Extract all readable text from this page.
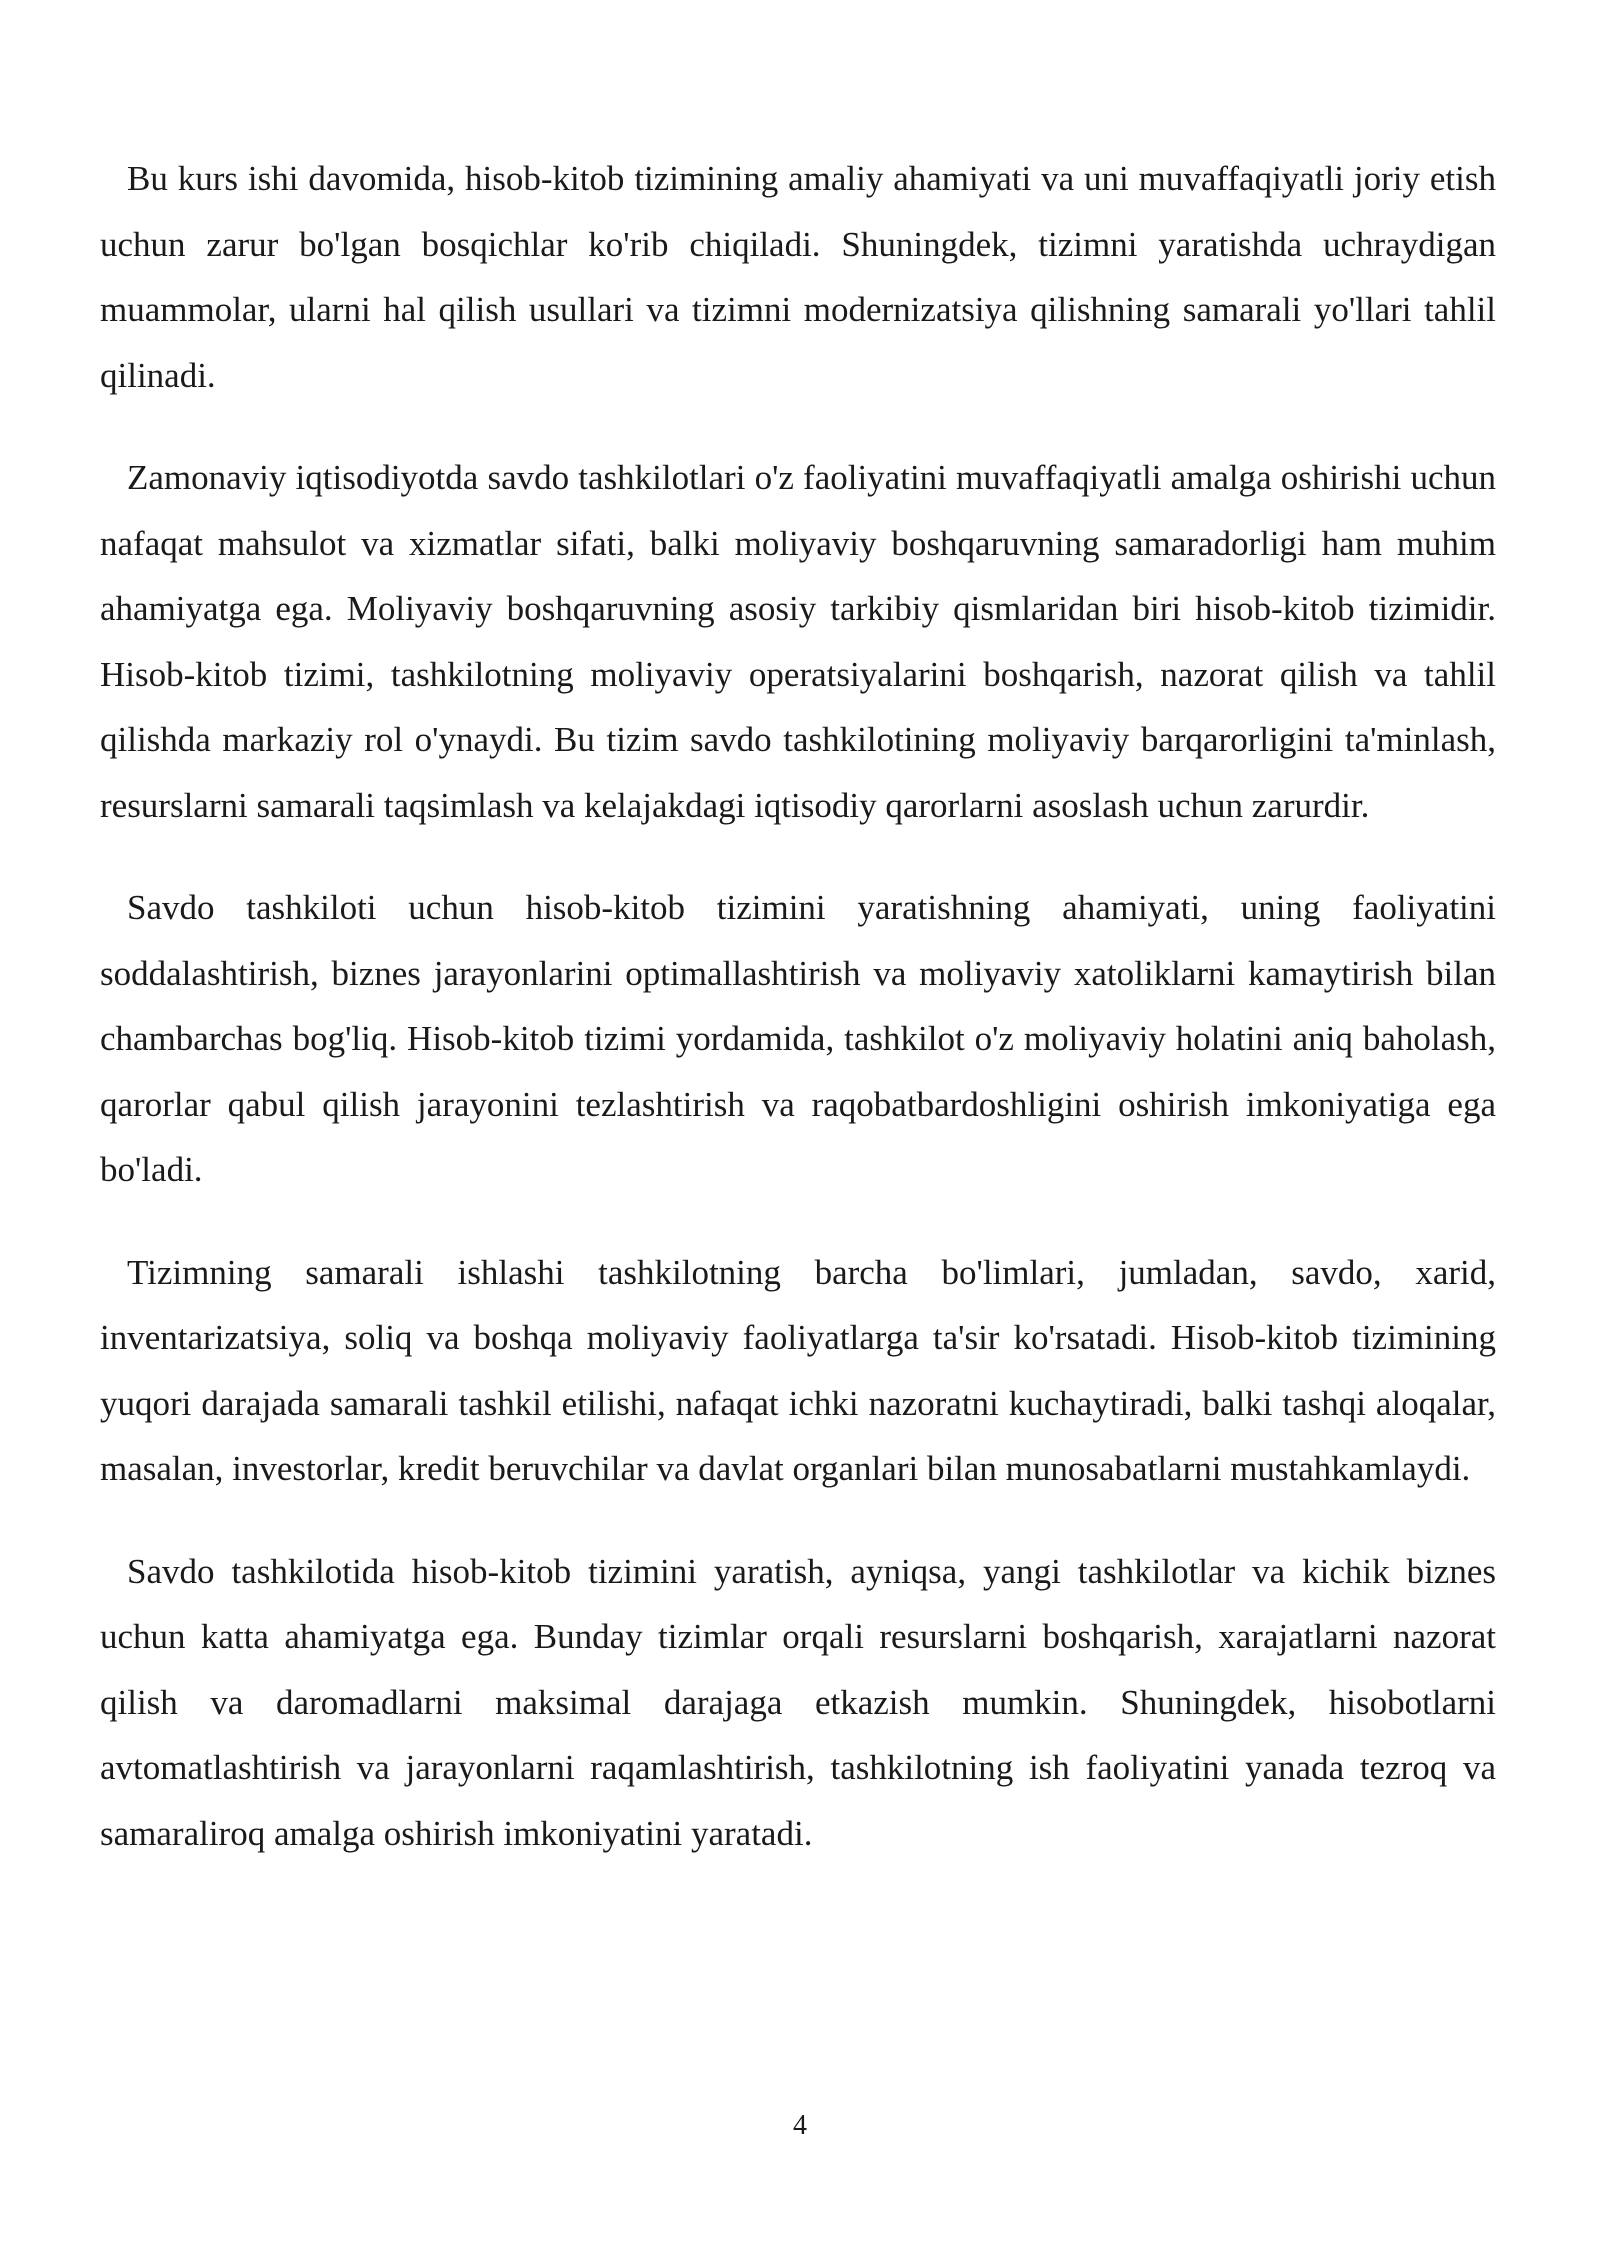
Bu kurs ishi davomida, hisob-kitob tizimining amaliy ahamiyati va uni muvaffaqiyatli joriy etish uchun zarur bo'lgan bosqichlar ko'rib chiqiladi. Shuningdek, tizimni yaratishda uchraydigan muammolar, ularni hal qilish usullari va tizimni modernizatsiya qilishning samarali yo'llari tahlil qilinadi.

Zamonaviy iqtisodiyotda savdo tashkilotlari o'z faoliyatini muvaffaqiyatli amalga oshirishi uchun nafaqat mahsulot va xizmatlar sifati, balki moliyaviy boshqaruvning samaradorligi ham muhim ahamiyatga ega. Moliyaviy boshqaruvning asosiy tarkibiy qismlaridan biri hisob-kitob tizimidir. Hisob-kitob tizimi, tashkilotning moliyaviy operatsiyalarini boshqarish, nazorat qilish va tahlil qilishda markaziy rol o'ynaydi. Bu tizim savdo tashkilotining moliyaviy barqarorligini ta'minlash, resurslarni samarali taqsimlash va kelajakdagi iqtisodiy qarorlarni asoslash uchun zarurdir.

Savdo tashkiloti uchun hisob-kitob tizimini yaratishning ahamiyati, uning faoliyatini soddalashtirish, biznes jarayonlarini optimallashtirish va moliyaviy xatoliklarni kamaytirish bilan chambarchas bog'liq. Hisob-kitob tizimi yordamida, tashkilot o'z moliyaviy holatini aniq baholash, qarorlar qabul qilish jarayonini tezlashtirish va raqobatbardoshligini oshirish imkoniyatiga ega bo'ladi.

Tizimning samarali ishlashi tashkilotning barcha bo'limlari, jumladan, savdo, xarid, inventarizatsiya, soliq va boshqa moliyaviy faoliyatlarga ta'sir ko'rsatadi. Hisob-kitob tizimining yuqori darajada samarali tashkil etilishi, nafaqat ichki nazoratni kuchaytiradi, balki tashqi aloqalar, masalan, investorlar, kredit beruvchilar va davlat organlari bilan munosabatlarni mustahkamlaydi.

Savdo tashkilotida hisob-kitob tizimini yaratish, ayniqsa, yangi tashkilotlar va kichik biznes uchun katta ahamiyatga ega. Bunday tizimlar orqali resurslarni boshqarish, xarajatlarni nazorat qilish va daromadlarni maksimal darajaga etkazish mumkin. Shuningdek, hisobotlarni avtomatlashtirish va jarayonlarni raqamlashtirish, tashkilotning ish faoliyatini yanada tezroq va samaraliroq amalga oshirish imkoniyatini yaratadi.

4
